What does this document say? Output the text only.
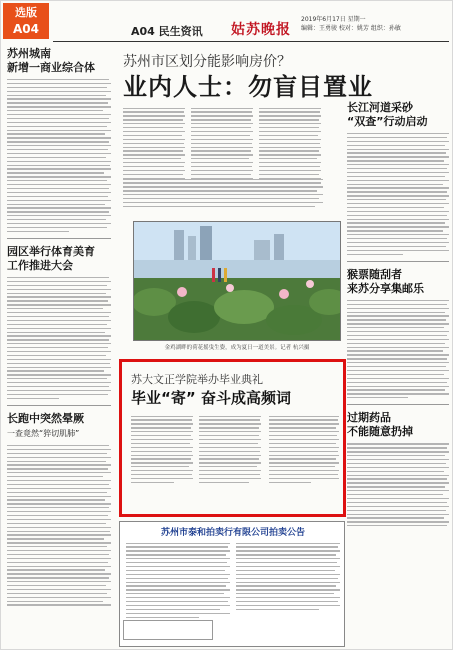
选版
A04	A04 民生资讯 姑苏晚报
2019年6月17日 星期一
编辑：王勇骏 校对：姚芳 组织：孙敏
苏州城南
新增一商业综合体
园区举行体育美育
工作推进大会
长跑中突然晕厥
一查竟然“猝切肌肺”
苏州市区划分能影响房价？
业内人士：勿盲目置业
金鸡湖畔的荷花摇曳生姿，成为夏日一道美景。记者 杭兴摄
苏大文正学院举办毕业典礼
毕业“寄” 奋斗成高频词
长江河道采砂
“双查”行动启动
猴票随刮者
来苏分享集邮乐
过期药品
不能随意扔掉
苏州市泰和拍卖行有限公司拍卖公告
